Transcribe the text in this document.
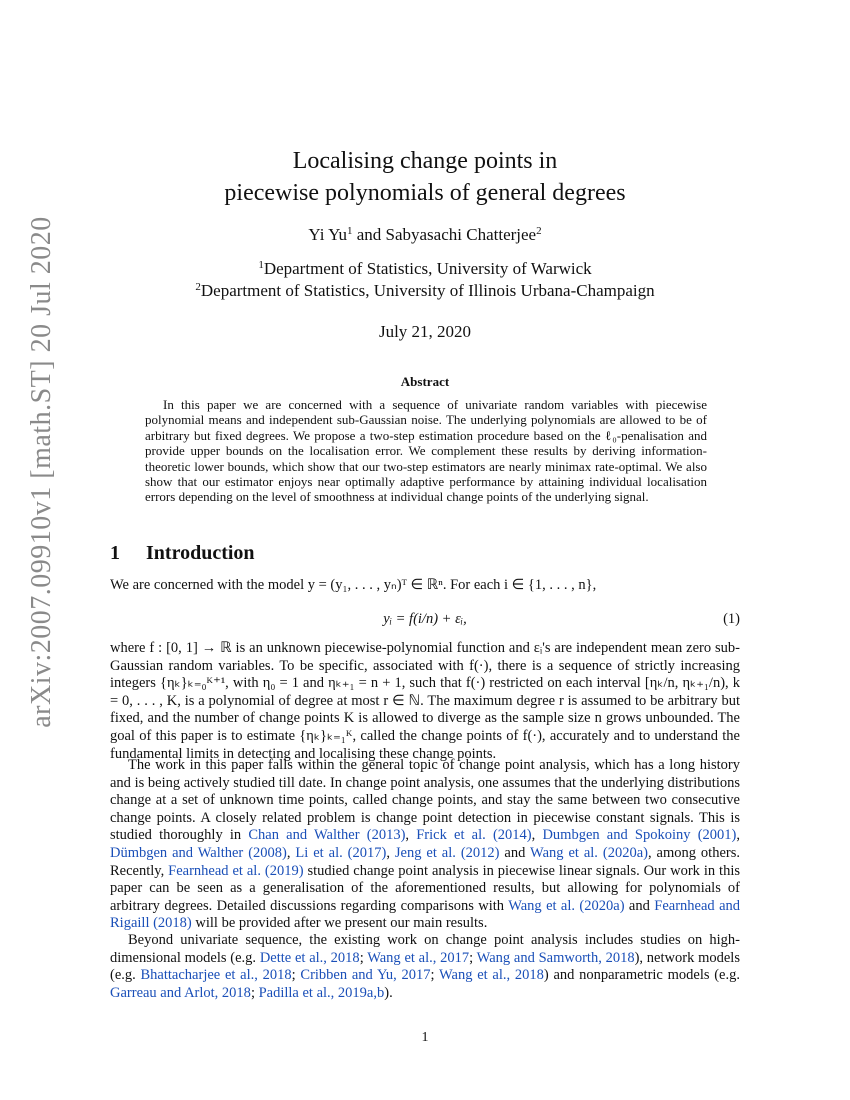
arXiv:2007.09910v1 [math.ST] 20 Jul 2020
Localising change points in
piecewise polynomials of general degrees
Yi Yu$^1$ and Sabyasachi Chatterjee$^2$
$^1$Department of Statistics, University of Warwick
$^2$Department of Statistics, University of Illinois Urbana-Champaign
July 21, 2020
Abstract
In this paper we are concerned with a sequence of univariate random variables with piecewise polynomial means and independent sub-Gaussian noise. The underlying polynomials are allowed to be of arbitrary but fixed degrees. We propose a two-step estimation procedure based on the ℓ₀-penalisation and provide upper bounds on the localisation error. We complement these results by deriving information-theoretic lower bounds, which show that our two-step estimators are nearly minimax rate-optimal. We also show that our estimator enjoys near optimally adaptive performance by attaining individual localisation errors depending on the level of smoothness at individual change points of the underlying signal.
1 Introduction
We are concerned with the model y = (y₁, . . . , yₙ)ᵀ ∈ ℝⁿ. For each i ∈ {1, . . . , n},
yᵢ = f(i/n) + εᵢ,	(1)
where f : [0, 1] → ℝ is an unknown piecewise-polynomial function and εᵢ's are independent mean zero sub-Gaussian random variables. To be specific, associated with f(·), there is a sequence of strictly increasing integers {ηₖ}ₖ₌₀ᴷ⁺¹, with η₀ = 1 and ηₖ₊₁ = n + 1, such that f(·) restricted on each interval [ηₖ/n, ηₖ₊₁/n), k = 0, . . . , K, is a polynomial of degree at most r ∈ ℕ. The maximum degree r is assumed to be arbitrary but fixed, and the number of change points K is allowed to diverge as the sample size n grows unbounded. The goal of this paper is to estimate {ηₖ}ₖ₌₁ᴷ, called the change points of f(·), accurately and to understand the fundamental limits in detecting and localising these change points.
The work in this paper falls within the general topic of change point analysis, which has a long history and is being actively studied till date. In change point analysis, one assumes that the underlying distributions change at a set of unknown time points, called change points, and stay the same between two consecutive change points. A closely related problem is change point detection in piecewise constant signals. This is studied thoroughly in Chan and Walther (2013), Frick et al. (2014), Dumbgen and Spokoiny (2001), Dümbgen and Walther (2008), Li et al. (2017), Jeng et al. (2012) and Wang et al. (2020a), among others. Recently, Fearnhead et al. (2019) studied change point analysis in piecewise linear signals. Our work in this paper can be seen as a generalisation of the aforementioned results, but allowing for polynomials of arbitrary degrees. Detailed discussions regarding comparisons with Wang et al. (2020a) and Fearnhead and Rigaill (2018) will be provided after we present our main results.
Beyond univariate sequence, the existing work on change point analysis includes studies on high-dimensional models (e.g. Dette et al., 2018; Wang et al., 2017; Wang and Samworth, 2018), network models (e.g. Bhattacharjee et al., 2018; Cribben and Yu, 2017; Wang et al., 2018) and nonparametric models (e.g. Garreau and Arlot, 2018; Padilla et al., 2019a,b).
1
